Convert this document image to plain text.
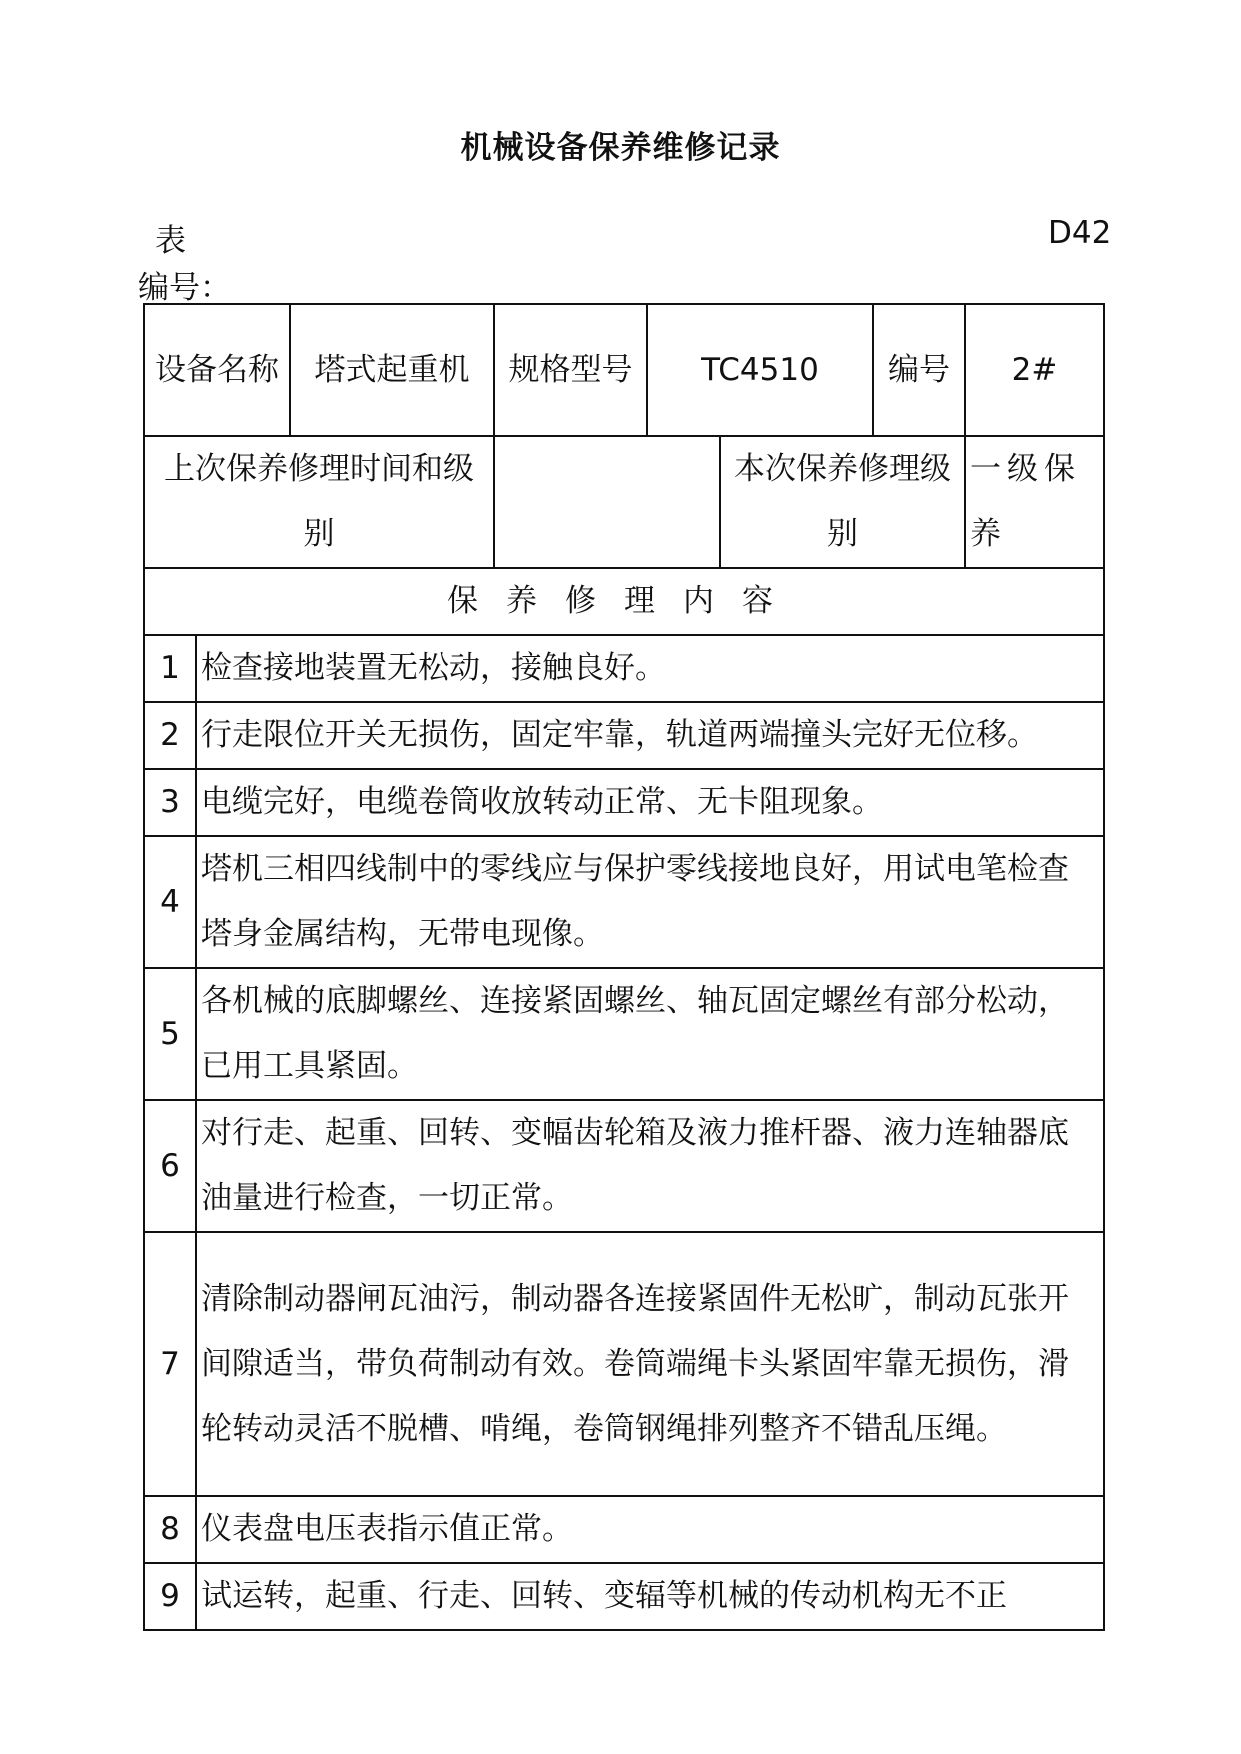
机械设备保养维修记录
表
编号：
D42
设备名称		塔式起重机	规格型号	TC4510		编号	2#
上次保养修理时间和级别					本次保养修理级别		一级保养
保养修理内容							
1	检查接地装置无松动，接触良好。						
2	行走限位开关无损伤，固定牢靠，轨道两端撞头完好无位移。						
3	电缆完好，电缆卷筒收放转动正常、无卡阻现象。						
4	塔机三相四线制中的零线应与保护零线接地良好，用试电笔检查塔身金属结构，无带电现像。						
5	各机械的底脚螺丝、连接紧固螺丝、轴瓦固定螺丝有部分松动，已用工具紧固。						
6	对行走、起重、回转、变幅齿轮箱及液力推杆器、液力连轴器底油量进行检查，一切正常。						
7	清除制动器闸瓦油污，制动器各连接紧固件无松旷，制动瓦张开间隙适当，带负荷制动有效。卷筒端绳卡头紧固牢靠无损伤，滑轮转动灵活不脱槽、啃绳，卷筒钢绳排列整齐不错乱压绳。						
8	仪表盘电压表指示值正常。						
9	试运转，起重、行走、回转、变辐等机械的传动机构无不正						
